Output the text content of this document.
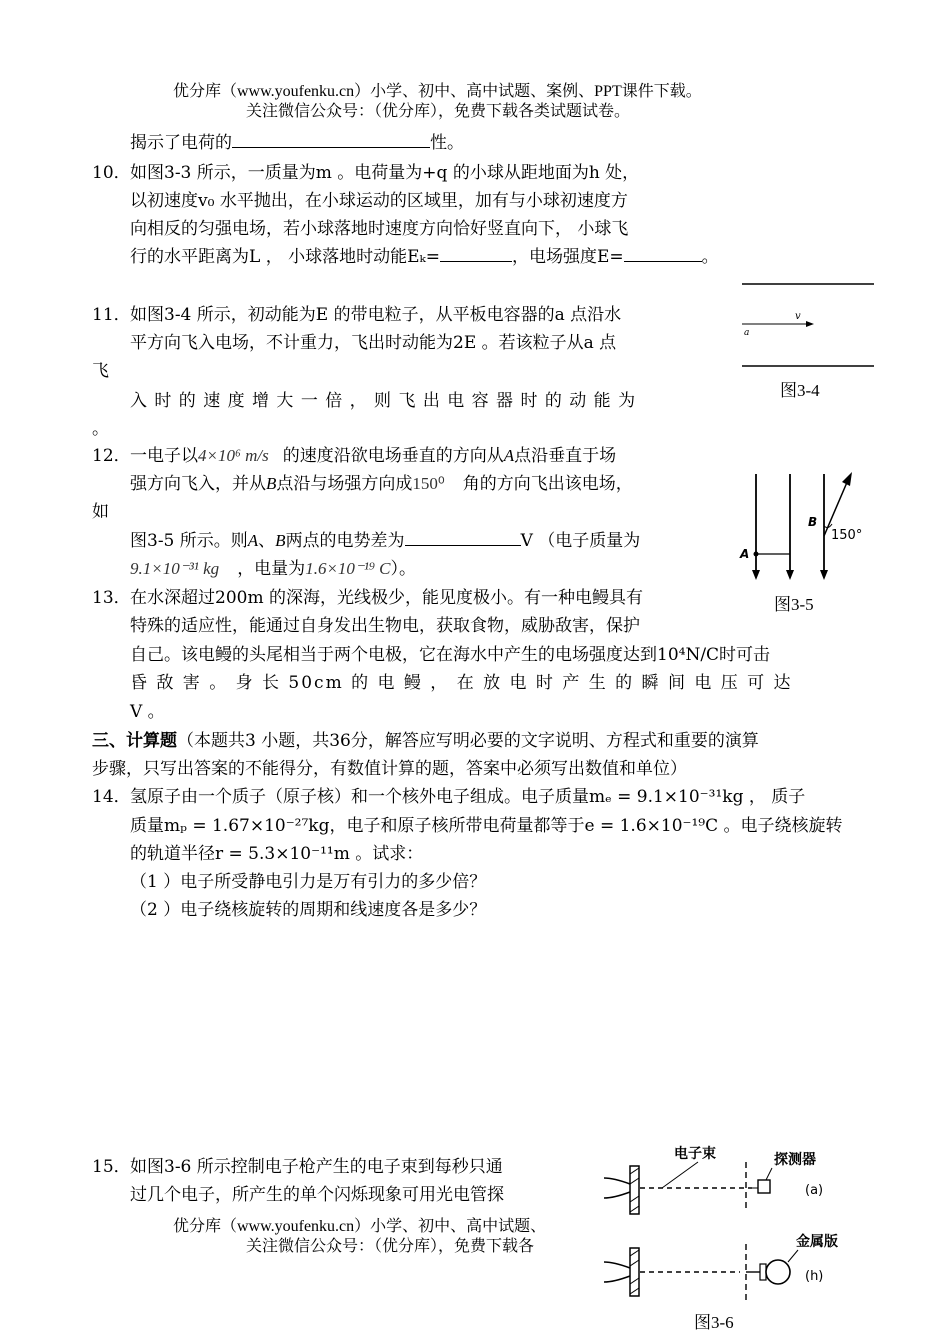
优分库（www.youfenku.cn）小学、初中、高中试题、案例、PPT课件下载。
关注微信公众号：（优分库），免费下载各类试题试卷。
揭示了电荷的	性。
10． 如图3-3 所示，一质量为m 。电荷量为+q 的小球从距地面为h 处，
以初速度v₀ 水平抛出，在小球运动的区域里，加有与小球初速度方
向相反的匀强电场，若小球落地时速度方向恰好竖直向下， 小球飞
行的水平距离为L ， 小球落地时动能Eₖ=	，电场强度E=	。
11． 如图3-4 所示，初动能为E 的带电粒子，从平板电容器的a 点沿水
平方向飞入电场，不计重力，飞出时动能为2E 。若该粒子从a 点
飞
入 时 的 速 度 增 大 一 倍 ， 则 飞 出 电 容 器 时 的 动 能 为
。
v
a
图3-4
12． 一电子以4×10⁶ m/s 的速度沿欲电场垂直的方向从A点沿垂直于场
强方向飞入，并从B点沿与场强方向成150⁰ 角的方向飞出该电场，
如
图3-5 所示。则A、B两点的电势差为	V （电子质量为
9.1×10⁻³¹ kg ，电量为1.6×10⁻¹⁹ C）。
A
B
150°
图3-5
13． 在水深超过200m 的深海，光线极少，能见度极小。有一种电鳗具有
特殊的适应性，能通过自身发出生物电，获取食物，威胁敌害，保护
自己。该电鳗的头尾相当于两个电极，它在海水中产生的电场强度达到10⁴N/C时可击
昏 敌 害 。 身 长 50cm 的 电 鳗 ， 在 放 电 时 产 生 的 瞬 间 电 压 可 达
V 。
三、计算题（本题共3 小题，共36分，解答应写明必要的文字说明、方程式和重要的演算
步骤，只写出答案的不能得分，有数值计算的题，答案中必须写出数值和单位）
14． 氢原子由一个质子（原子核）和一个核外电子组成。电子质量mₑ = 9.1×10⁻³¹kg ， 质子
质量mₚ = 1.67×10⁻²⁷kg，电子和原子核所带电荷量都等于e = 1.6×10⁻¹⁹C 。电子绕核旋转
的轨道半径r = 5.3×10⁻¹¹m 。试求：
（1 ）电子所受静电引力是万有引力的多少倍？
（2 ）电子绕核旋转的周期和线速度各是多少？
15． 如图3-6 所示控制电子枪产生的电子束到每秒只通
过几个电子，所产生的单个闪烁现象可用光电管探
优分库（www.youfenku.cn）小学、初中、高中试题、
关注微信公众号：（优分库），免费下载各
电子束	探测器
(a)
金属版
(h)
图3-6
